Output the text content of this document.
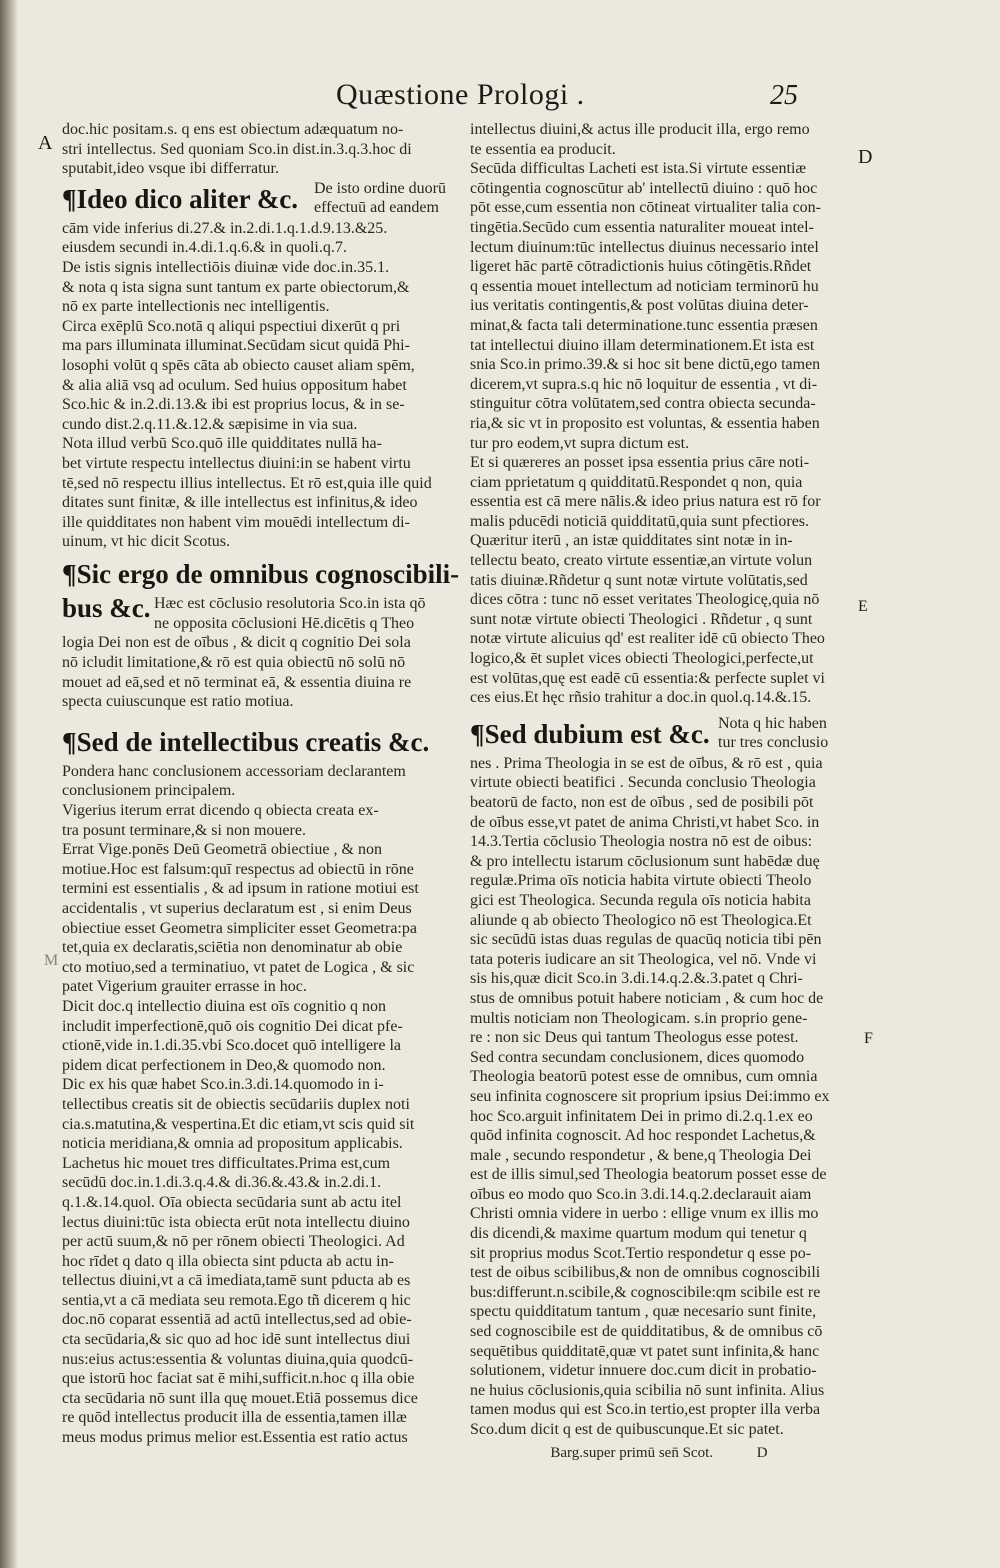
Quæstione Prologi .	25
A
M
D
E
F
doc.hic positam.s. q ens est obiectum adæquatum no-
stri intellectus. Sed quoniam Sco.in dist.in.3.q.3.hoc di
sputabit,ideo vsque ibi differratur.
¶Ideo dico aliter &c. De isto ordine duorū
effectuū ad eandem
cām vide inferius di.27.& in.2.di.1.q.1.d.9.13.&25.
eiusdem secundi in.4.di.1.q.6.& in quoli.q.7.
De istis signis intellectiōis diuinæ vide doc.in.35.1.
& nota q ista signa sunt tantum ex parte obiectorum,&
nō ex parte intellectionis nec intelligentis.
Circa exēplū Sco.notā q aliqui pspectiui dixerūt q pri
ma pars illuminata illuminat.Secūdam sicut quidā Phi-
losophi volūt q spēs cāta ab obiecto causet aliam spēm,
& alia aliā vsq ad oculum. Sed huius oppositum habet
Sco.hic & in.2.di.13.& ibi est proprius locus, & in se-
cundo dist.2.q.11.&.12.& sæpisime in via sua.
Nota illud verbū Sco.quō ille quidditates nullā ha-
bet virtute respectu intellectus diuini:in se habent virtu
tē,sed nō respectu illius intellectus. Et rō est,quia ille quid
ditates sunt finitæ, & ille intellectus est infinitus,& ideo
ille quidditates non habent vim mouēdi intellectum di-
uinum, vt hic dicit Scotus.
¶Sic ergo de omnibus cognoscibili-
bus &c. Hæc est cōclusio resolutoria Sco.in ista qō
ne opposita cōclusioni Hē.dicētis q Theo
logia Dei non est de oībus , & dicit q cognitio Dei sola
nō icludit limitatione,& rō est quia obiectū nō solū nō
mouet ad eā,sed et nō terminat eā, & essentia diuina re
specta cuiuscunque est ratio motiua.
¶Sed de intellectibus creatis &c.
Pondera hanc conclusionem accessoriam declarantem
conclusionem principalem.
Vigerius iterum errat dicendo q obiecta creata ex-
tra posunt terminare,& si non mouere.
Errat Vige.ponēs Deū Geometrā obiectiue , & non
motiue.Hoc est falsum:quī respectus ad obiectū in rōne
termini est essentialis , & ad ipsum in ratione motiui est
accidentalis , vt superius declaratum est , si enim Deus
obiectiue esset Geometra simpliciter esset Geometra:pa
tet,quia ex declaratis,sciētia non denominatur ab obie
cto motiuo,sed a terminatiuo, vt patet de Logica , & sic
patet Vigerium grauiter errasse in hoc.
Dicit doc.q intellectio diuina est oīs cognitio q non
includit imperfectionē,quō ois cognitio Dei dicat pfe-
ctionē,vide in.1.di.35.vbi Sco.docet quō intelligere la
pidem dicat perfectionem in Deo,& quomodo non.
Dic ex his quæ habet Sco.in.3.di.14.quomodo in i-
tellectibus creatis sit de obiectis secūdariis duplex noti
cia.s.matutina,& vespertina.Et dic etiam,vt scis quid sit
noticia meridiana,& omnia ad propositum applicabis.
Lachetus hic mouet tres difficultates.Prima est,cum
secūdū doc.in.1.di.3.q.4.& di.36.&.43.& in.2.di.1.
q.1.&.14.quol. Oīa obiecta secūdaria sunt ab actu itel
lectus diuini:tūc ista obiecta erūt nota intellectu diuino
per actū suum,& nō per rōnem obiecti Theologici. Ad
hoc rīdet q dato q illa obiecta sint pducta ab actu in-
tellectus diuini,vt a cā imediata,tamē sunt pducta ab es
sentia,vt a cā mediata seu remota.Ego tñ dicerem q hic
doc.nō coparat essentiā ad actū intellectus,sed ad obie-
cta secūdaria,& sic quo ad hoc idē sunt intellectus diui
nus:eius actus:essentia & voluntas diuina,quia quodcū-
que istorū hoc faciat sat ē mihi,sufficit.n.hoc q illa obie
cta secūdaria nō sunt illa quę mouet.Etiā possemus dice
re quōd intellectus producit illa de essentia,tamen illæ
meus modus primus melior est.Essentia est ratio actus
intellectus diuini,& actus ille producit illa, ergo remo
te essentia ea producit.
Secūda difficultas Lacheti est ista.Si virtute essentiæ
cōtingentia cognoscūtur ab' intellectū diuino : quō hoc
pōt esse,cum essentia non cōtineat virtualiter talia con-
tingētia.Secūdo cum essentia naturaliter moueat intel-
lectum diuinum:tūc intellectus diuinus necessario intel
ligeret hāc partē cōtradictionis huius cōtingētis.Rñdet
q essentia mouet intellectum ad noticiam terminorū hu
ius veritatis contingentis,& post volūtas diuina deter-
minat,& facta tali determinatione.tunc essentia præsen
tat intellectui diuino illam determinationem.Et ista est
snia Sco.in primo.39.& si hoc sit bene dictū,ego tamen
dicerem,vt supra.s.q hic nō loquitur de essentia , vt di-
stinguitur cōtra volūtatem,sed contra obiecta secunda-
ria,& sic vt in proposito est voluntas, & essentia haben
tur pro eodem,vt supra dictum est.
Et si quæreres an posset ipsa essentia prius cāre noti-
ciam pprietatum q quidditatū.Respondet q non, quia
essentia est cā mere nālis.& ideo prius natura est rō for
malis pducēdi noticiā quidditatū,quia sunt pfectiores.
Quæritur iterū , an istæ quidditates sint notæ in in-
tellectu beato, creato virtute essentiæ,an virtute volun
tatis diuinæ.Rñdetur q sunt notæ virtute volūtatis,sed
dices cōtra : tunc nō esset veritates Theologicę,quia nō
sunt notæ virtute obiecti Theologici . Rñdetur , q sunt
notæ virtute alicuius qd' est realiter idē cū obiecto Theo
logico,& ēt suplet vices obiecti Theologici,perfecte,ut
est volūtas,quę est eadē cū essentia:& perfecte suplet vi
ces eius.Et hęc rñsio trahitur a doc.in quol.q.14.&.15.
¶Sed dubium est &c. Nota q hic haben
tur tres conclusio
nes . Prima Theologia in se est de oībus, & rō est , quia
virtute obiecti beatifici . Secunda conclusio Theologia
beatorū de facto, non est de oībus , sed de posibili pōt
de oībus esse,vt patet de anima Christi,vt habet Sco. in
14.3.Tertia cōclusio Theologia nostra nō est de oibus:
& pro intellectu istarum cōclusionum sunt habēdæ duę
regulæ.Prima oīs noticia habita virtute obiecti Theolo
gici est Theologica. Secunda regula oīs noticia habita
aliunde q ab obiecto Theologico nō est Theologica.Et
sic secūdū istas duas regulas de quacūq noticia tibi pēn
tata poteris iudicare an sit Theologica, vel nō. Vnde vi
sis his,quæ dicit Sco.in 3.di.14.q.2.&.3.patet q Chri-
stus de omnibus potuit habere noticiam , & cum hoc de
multis noticiam non Theologicam. s.in proprio gene-
re : non sic Deus qui tantum Theologus esse potest.
Sed contra secundam conclusionem, dices quomodo
Theologia beatorū potest esse de omnibus, cum omnia
seu infinita cognoscere sit proprium ipsius Dei:immo ex
hoc Sco.arguit infinitatem Dei in primo di.2.q.1.ex eo
quōd infinita cognoscit. Ad hoc respondet Lachetus,&
male , secundo respondetur , & bene,q Theologia Dei
est de illis simul,sed Theologia beatorum posset esse de
oībus eo modo quo Sco.in 3.di.14.q.2.declarauit aiam
Christi omnia videre in uerbo : ellige vnum ex illis mo
dis dicendi,& maxime quartum modum qui tenetur q
sit proprius modus Scot.Tertio respondetur q esse po-
test de oibus scibilibus,& non de omnibus cognoscibili
bus:differunt.n.scibile,& cognoscibile:qm scibile est re
spectu quidditatum tantum , quæ necesario sunt finite,
sed cognoscibile est de quidditatibus, & de omnibus cō
sequētibus quidditatē,quæ vt patet sunt infinita,& hanc
solutionem, videtur innuere doc.cum dicit in probatio-
ne huius cōclusionis,quia scibilia nō sunt infinita. Alius
tamen modus qui est Sco.in tertio,est propter illa verba
Sco.dum dicit q est de quibuscunque.Et sic patet.
Barg.super primū sen̄ Scot.	D
